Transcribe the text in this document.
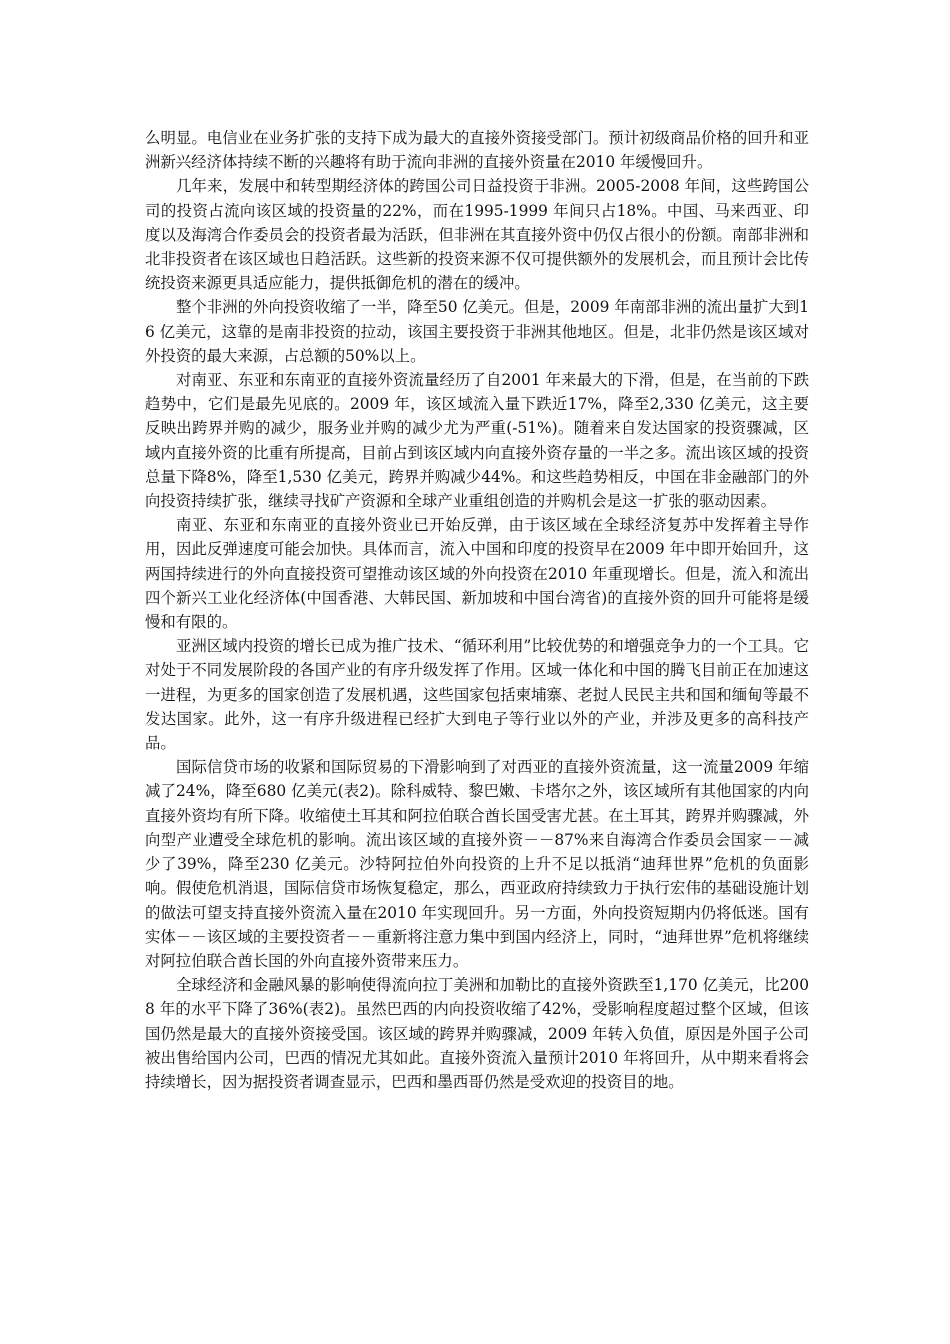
么明显。电信业在业务扩张的支持下成为最大的直接外资接受部门。预计初级商品价格的回升和亚洲新兴经济体持续不断的兴趣将有助于流向非洲的直接外资量在2010 年缓慢回升。

几年来，发展中和转型期经济体的跨国公司日益投资于非洲。2005-2008 年间，这些跨国公司的投资占流向该区域的投资量的22%，而在1995-1999 年间只占18%。中国、马来西亚、印度以及海湾合作委员会的投资者最为活跃，但非洲在其直接外资中仍仅占很小的份额。南部非洲和北非投资者在该区域也日趋活跃。这些新的投资来源不仅可提供额外的发展机会，而且预计会比传统投资来源更具适应能力，提供抵御危机的潜在的缓冲。

整个非洲的外向投资收缩了一半，降至50 亿美元。但是，2009 年南部非洲的流出量扩大到16 亿美元，这靠的是南非投资的拉动，该国主要投资于非洲其他地区。但是，北非仍然是该区域对外投资的最大来源，占总额的50%以上。

对南亚、东亚和东南亚的直接外资流量经历了自2001 年来最大的下滑，但是，在当前的下跌趋势中，它们是最先见底的。2009 年，该区域流入量下跌近17%，降至2,330 亿美元，这主要反映出跨界并购的减少，服务业并购的减少尤为严重(-51%)。随着来自发达国家的投资骤减，区域内直接外资的比重有所提高，目前占到该区域内向直接外资存量的一半之多。流出该区域的投资总量下降8%，降至1,530 亿美元，跨界并购减少44%。和这些趋势相反，中国在非金融部门的外向投资持续扩张，继续寻找矿产资源和全球产业重组创造的并购机会是这一扩张的驱动因素。

南亚、东亚和东南亚的直接外资业已开始反弹，由于该区域在全球经济复苏中发挥着主导作用，因此反弹速度可能会加快。具体而言，流入中国和印度的投资早在2009 年中即开始回升，这两国持续进行的外向直接投资可望推动该区域的外向投资在2010 年重现增长。但是，流入和流出四个新兴工业化经济体(中国香港、大韩民国、新加坡和中国台湾省)的直接外资的回升可能将是缓慢和有限的。

亚洲区域内投资的增长已成为推广技术、“循环利用”比较优势的和增强竞争力的一个工具。它对处于不同发展阶段的各国产业的有序升级发挥了作用。区域一体化和中国的腾飞目前正在加速这一进程，为更多的国家创造了发展机遇，这些国家包括柬埔寨、老挝人民民主共和国和缅甸等最不发达国家。此外，这一有序升级进程已经扩大到电子等行业以外的产业，并涉及更多的高科技产品。

国际信贷市场的收紧和国际贸易的下滑影响到了对西亚的直接外资流量，这一流量2009 年缩减了24%，降至680 亿美元(表2)。除科威特、黎巴嫩、卡塔尔之外，该区域所有其他国家的内向直接外资均有所下降。收缩使土耳其和阿拉伯联合酋长国受害尤甚。在土耳其，跨界并购骤减，外向型产业遭受全球危机的影响。流出该区域的直接外资－－87%来自海湾合作委员会国家－－减少了39%，降至230 亿美元。沙特阿拉伯外向投资的上升不足以抵消“迪拜世界”危机的负面影响。假使危机消退，国际信贷市场恢复稳定，那么，西亚政府持续致力于执行宏伟的基础设施计划的做法可望支持直接外资流入量在2010 年实现回升。另一方面，外向投资短期内仍将低迷。国有实体－－该区域的主要投资者－－重新将注意力集中到国内经济上，同时，“迪拜世界”危机将继续对阿拉伯联合酋长国的外向直接外资带来压力。

全球经济和金融风暴的影响使得流向拉丁美洲和加勒比的直接外资跌至1,170 亿美元，比2008 年的水平下降了36%(表2)。虽然巴西的内向投资收缩了42%，受影响程度超过整个区域，但该国仍然是最大的直接外资接受国。该区域的跨界并购骤减，2009 年转入负值，原因是外国子公司被出售给国内公司，巴西的情况尤其如此。直接外资流入量预计2010 年将回升，从中期来看将会持续增长，因为据投资者调查显示，巴西和墨西哥仍然是受欢迎的投资目的地。
